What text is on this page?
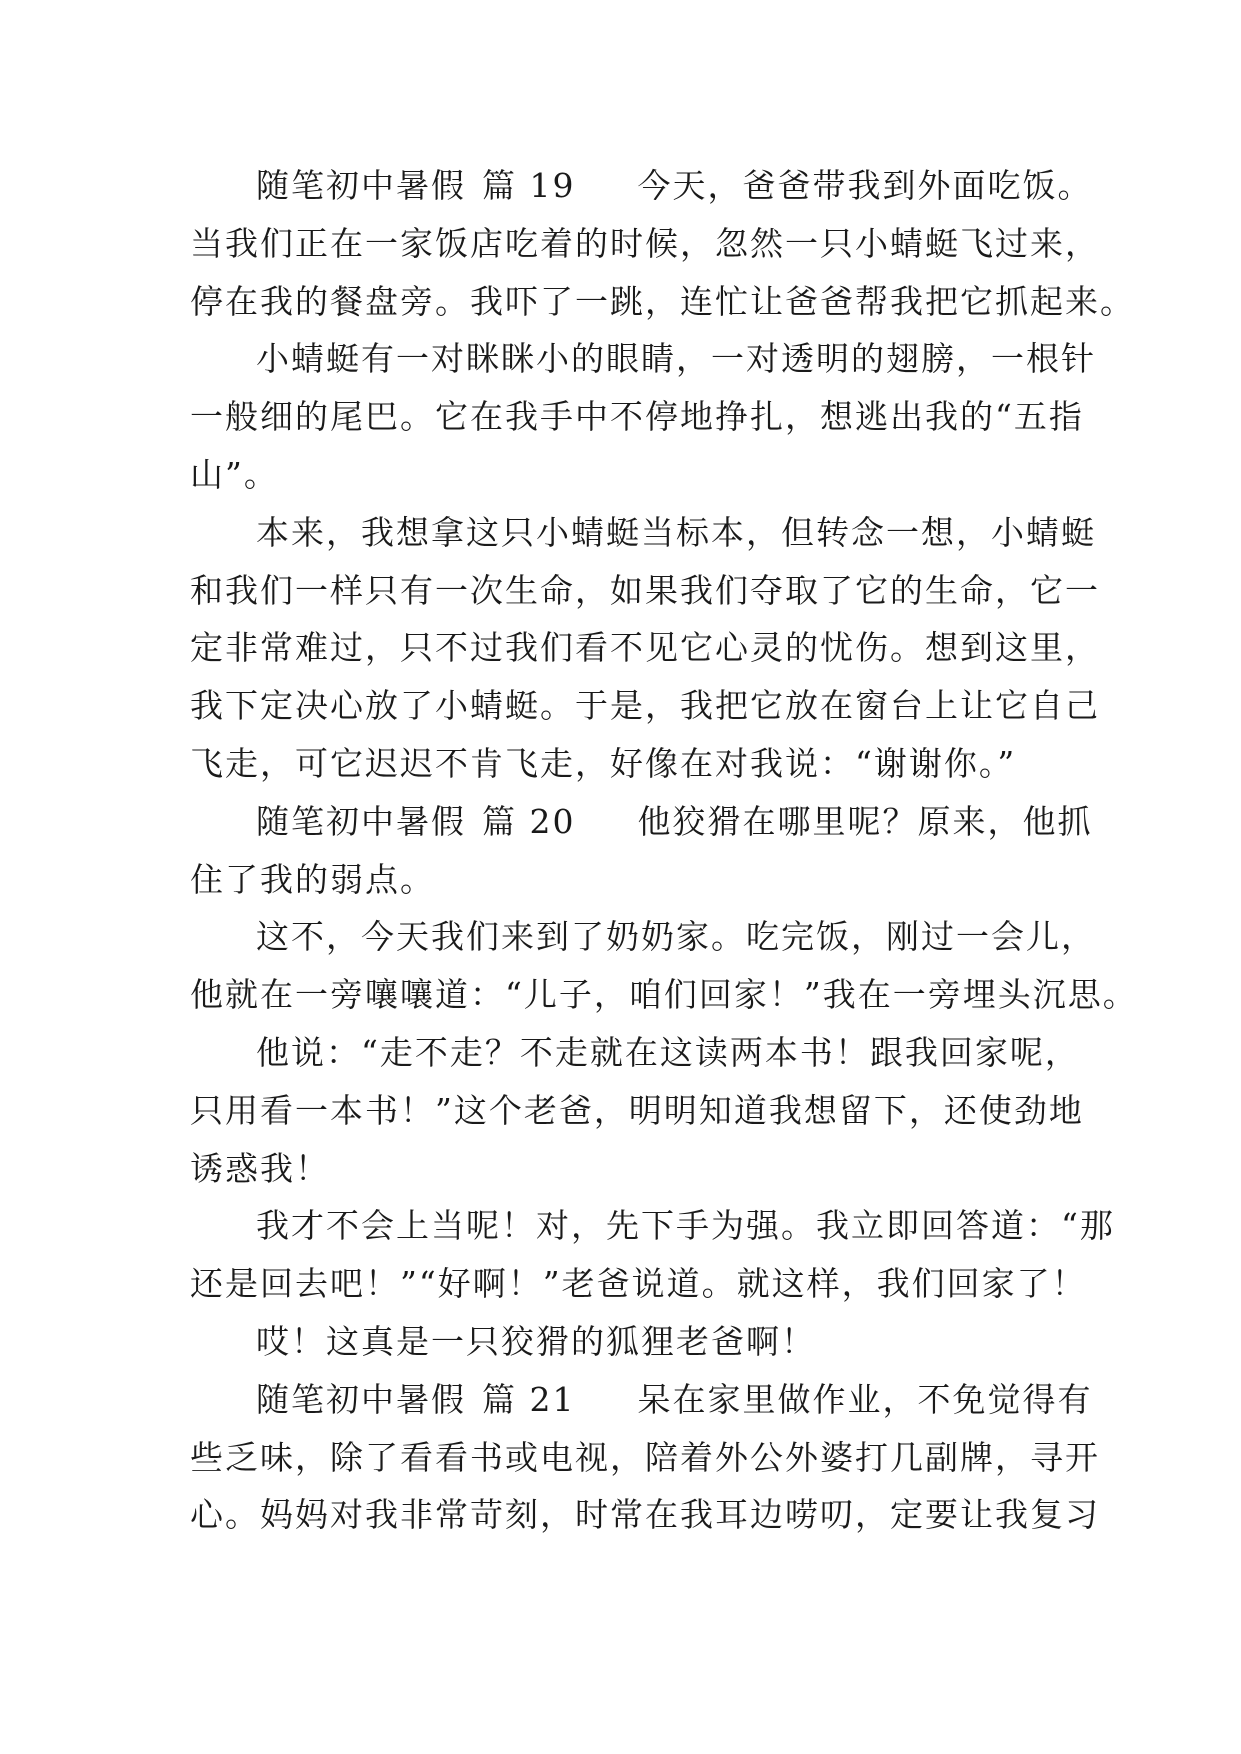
随笔初中暑假 篇 19 今天，爸爸带我到外面吃饭。
当我们正在一家饭店吃着的时候，忽然一只小蜻蜓飞过来，
停在我的餐盘旁。我吓了一跳，连忙让爸爸帮我把它抓起来。
小蜻蜓有一对眯眯小的眼睛，一对透明的翅膀，一根针
一般细的尾巴。它在我手中不停地挣扎，想逃出我的“五指
山”。
本来，我想拿这只小蜻蜓当标本，但转念一想，小蜻蜓
和我们一样只有一次生命，如果我们夺取了它的生命，它一
定非常难过，只不过我们看不见它心灵的忧伤。想到这里，
我下定决心放了小蜻蜓。于是，我把它放在窗台上让它自己
飞走，可它迟迟不肯飞走，好像在对我说：“谢谢你。”
随笔初中暑假 篇 20 他狡猾在哪里呢？原来，他抓
住了我的弱点。
这不，今天我们来到了奶奶家。吃完饭，刚过一会儿，
他就在一旁嚷嚷道：“儿子，咱们回家！”我在一旁埋头沉思。
他说：“走不走？不走就在这读两本书！跟我回家呢，
只用看一本书！”这个老爸，明明知道我想留下，还使劲地
诱惑我！
我才不会上当呢！对，先下手为强。我立即回答道：“那
还是回去吧！”“好啊！”老爸说道。就这样，我们回家了！
哎！这真是一只狡猾的狐狸老爸啊！
随笔初中暑假 篇 21 呆在家里做作业，不免觉得有
些乏味，除了看看书或电视，陪着外公外婆打几副牌，寻开
心。妈妈对我非常苛刻，时常在我耳边唠叨，定要让我复习
